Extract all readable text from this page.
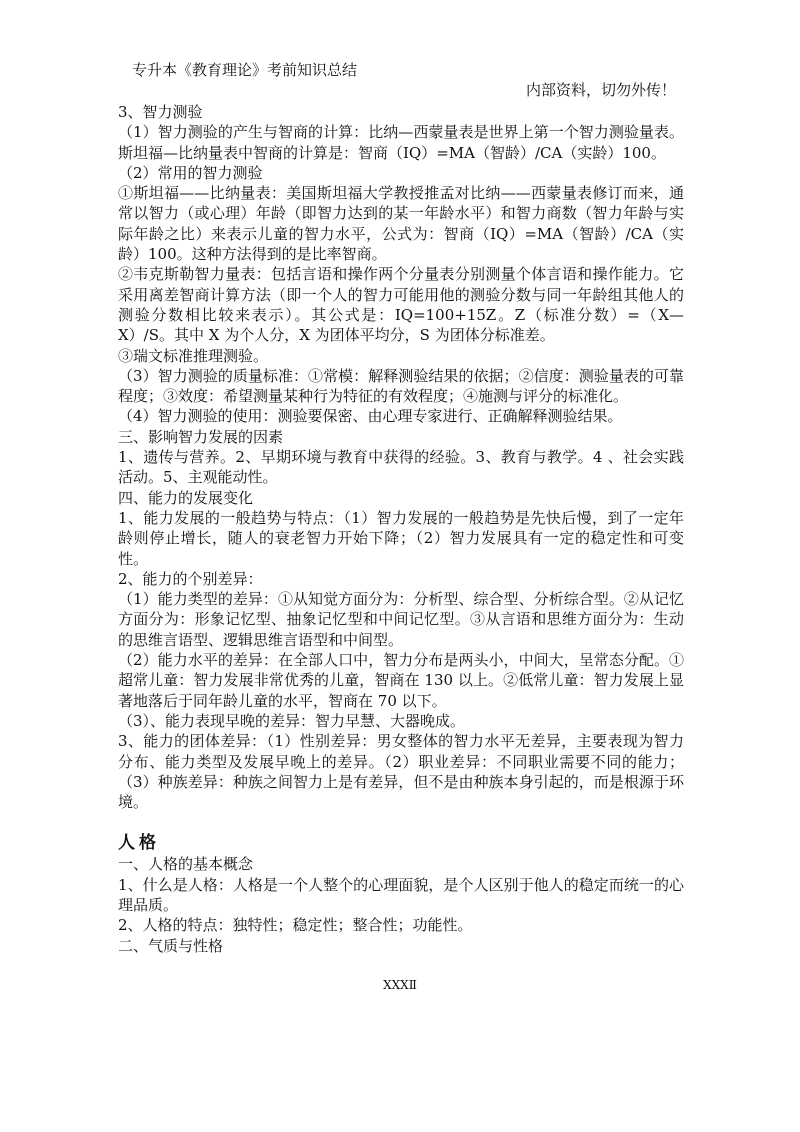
专升本《教育理论》考前知识总结
内部资料，切勿外传！

3、智力测验

（1）智力测验的产生与智商的计算：比纳—西蒙量表是世界上第一个智力测验量表。斯坦福—比纳量表中智商的计算是：智商（IQ）=MA（智龄）/CA（实龄）100。

（2）常用的智力测验

①斯坦福——比纳量表：美国斯坦福大学教授推孟对比纳——西蒙量表修订而来，通常以智力（或心理）年龄（即智力达到的某一年龄水平）和智力商数（智力年龄与实际年龄之比）来表示儿童的智力水平，公式为：智商（IQ）=MA（智龄）/CA（实龄）100。这种方法得到的是比率智商。

②韦克斯勒智力量表：包括言语和操作两个分量表分别测量个体言语和操作能力。它采用离差智商计算方法（即一个人的智力可能用他的测验分数与同一年龄组其他人的测验分数相比较来表示）。其公式是：IQ=100+15Z。Z（标准分数）=（X—X）/S。其中 X 为个人分，X 为团体平均分，S 为团体分标准差。

③瑞文标准推理测验。

（3）智力测验的质量标准：①常模：解释测验结果的依据；②信度：测验量表的可靠程度；③效度：希望测量某种行为特征的有效程度；④施测与评分的标准化。

（4）智力测验的使用：测验要保密、由心理专家进行、正确解释测验结果。

三、影响智力发展的因素

1、遗传与营养。2、早期环境与教育中获得的经验。3、教育与教学。4 、社会实践活动。5、主观能动性。

四、能力的发展变化

1、能力发展的一般趋势与特点：（1）智力发展的一般趋势是先快后慢，到了一定年龄则停止增长，随人的衰老智力开始下降；（2）智力发展具有一定的稳定性和可变性。

2、能力的个别差异：

（1）能力类型的差异：①从知觉方面分为：分析型、综合型、分析综合型。②从记忆方面分为：形象记忆型、抽象记忆型和中间记忆型。③从言语和思维方面分为：生动的思维言语型、逻辑思维言语型和中间型。

（2）能力水平的差异：在全部人口中，智力分布是两头小，中间大，呈常态分配。①超常儿童：智力发展非常优秀的儿童，智商在 130 以上。②低常儿童：智力发展上显著地落后于同年龄儿童的水平，智商在 70 以下。

（3）、能力表现早晚的差异：智力早慧、大器晚成。

3、能力的团体差异：（1）性别差异：男女整体的智力水平无差异，主要表现为智力分布、能力类型及发展早晚上的差异。（2）职业差异：不同职业需要不同的能力；（3）种族差异：种族之间智力上是有差异，但不是由种族本身引起的，而是根源于环境。

人格

一、人格的基本概念

1、什么是人格：人格是一个人整个的心理面貌，是个人区别于他人的稳定而统一的心理品质。

2、人格的特点：独特性；稳定性；整合性；功能性。

二、气质与性格

XXXⅡ
